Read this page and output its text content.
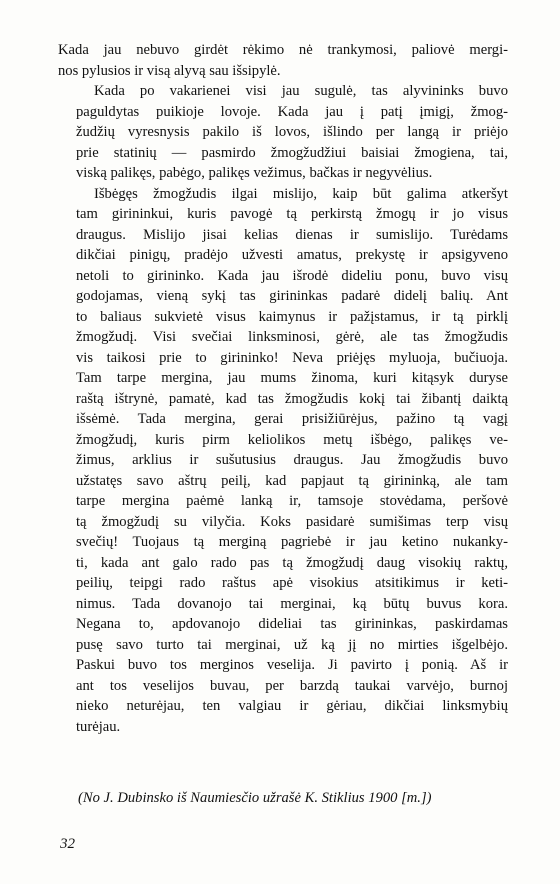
Kada jau nebuvo girdėt rėkimo nė trankymosi, paliovė mergi-
nos pylusios ir visą alyvą sau išsipylė.

Kada po vakarienei visi jau sugulė, tas alyvininks buvo
paguldytas puikioje lovoje. Kada jau į patį įmigį, žmog-
žudžių vyresnysis pakilo iš lovos, išlindo per langą ir priėjo
prie statinių — pasmirdo žmogžudžiui baisiai žmogiena, tai,
viską palikęs, pabėgo, palikęs vežimus, bačkas ir negyvėlius.

Išbėgęs žmogžudis ilgai mislijo, kaip būt galima atkeršyt
tam girininkui, kuris pavogė tą perkirstą žmogų ir jo visus
draugus. Mislijo jisai kelias dienas ir sumislijo. Turėdams
dikčiai pinigų, pradėjo užvesti amatus, prekystę ir apsigyveno
netoli to girininko. Kada jau išrodė dideliu ponu, buvo visų
godojamas, vieną sykį tas girininkas padarė didelį balių. Ant
to baliaus sukvietė visus kaimynus ir pažįstamus, ir tą pirklį
žmogžudį. Visi svečiai linksminosi, gėrė, ale tas žmogžudis
vis taikosi prie to girininko! Neva priėjęs myluoja, bučiuoja.
Tam tarpe mergina, jau mums žinoma, kuri kitąsyk duryse
raštą ištrynė, pamatė, kad tas žmogžudis kokį tai žibantį daiktą
išsėmė. Tada mergina, gerai prisižiūrėjus, pažino tą vagį
žmogžudį, kuris pirm keliolikos metų išbėgo, palikęs ve-
žimus, arklius ir sušutusius draugus. Jau žmogžudis buvo
užstatęs savo aštrų peilį, kad papjaut tą girininką, ale tam
tarpe mergina paėmė lanką ir, tamsoje stovėdama, peršovė
tą žmogžudį su vilyčia. Koks pasidarė sumišimas terp visų
svečių! Tuojaus tą merginą pagriebė ir jau ketino nukanky-
ti, kada ant galo rado pas tą žmogžudį daug visokių raktų,
peilių, teipgi rado raštus apė visokius atsitikimus ir keti-
nimus. Tada dovanojo tai merginai, ką būtų buvus kora.
Negana to, apdovanojo dideliai tas girininkas, paskirdamas
pusę savo turto tai merginai, už ką jį no mirties išgelbėjo.
Paskui buvo tos merginos veselija. Ji pavirto į ponią. Aš ir
ant tos veselijos buvau, per barzdą taukai varvėjo, burnoj
nieko neturėjau, ten valgiau ir gėriau, dikčiai linksmybių
turėjau.

(No J. Dubinsko iš Naumiesčio užrašė K. Stiklius 1900 [m.])
32
